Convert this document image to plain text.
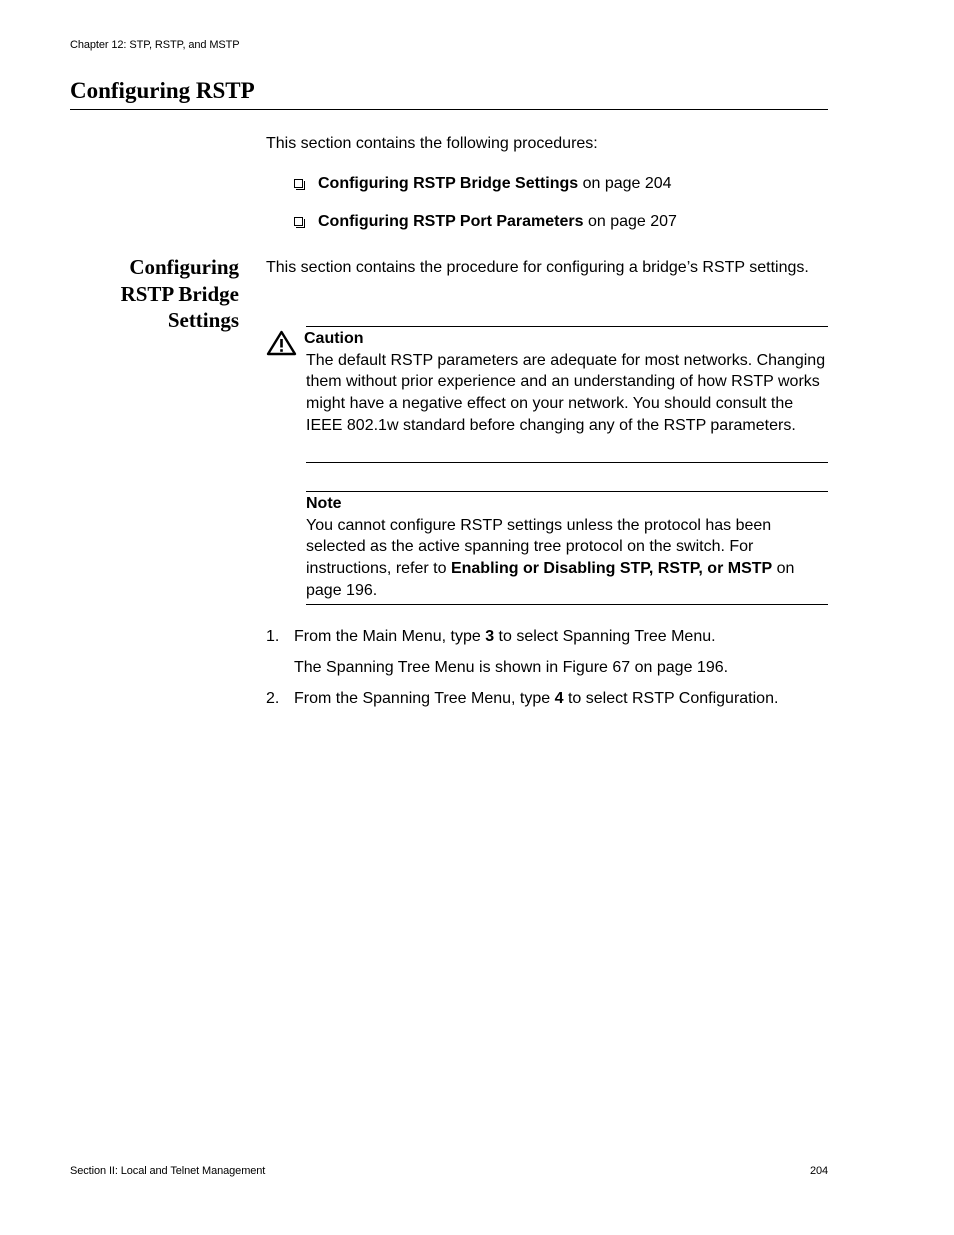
Chapter 12: STP, RSTP, and MSTP
Configuring RSTP
This section contains the following procedures:
Configuring RSTP Bridge Settings on page 204
Configuring RSTP Port Parameters on page 207
Configuring
RSTP Bridge
Settings
This section contains the procedure for configuring a bridge’s RSTP settings.
Caution
The default RSTP parameters are adequate for most networks. Changing them without prior experience and an understanding of how RSTP works might have a negative effect on your network. You should consult the IEEE 802.1w standard before changing any of the RSTP parameters.
Note
You cannot configure RSTP settings unless the protocol has been selected as the active spanning tree protocol on the switch. For instructions, refer to Enabling or Disabling STP, RSTP, or MSTP on page 196.
1. From the Main Menu, type 3 to select Spanning Tree Menu.
The Spanning Tree Menu is shown in Figure 67 on page 196.
2. From the Spanning Tree Menu, type 4 to select RSTP Configuration.
Section II: Local and Telnet Management	204
